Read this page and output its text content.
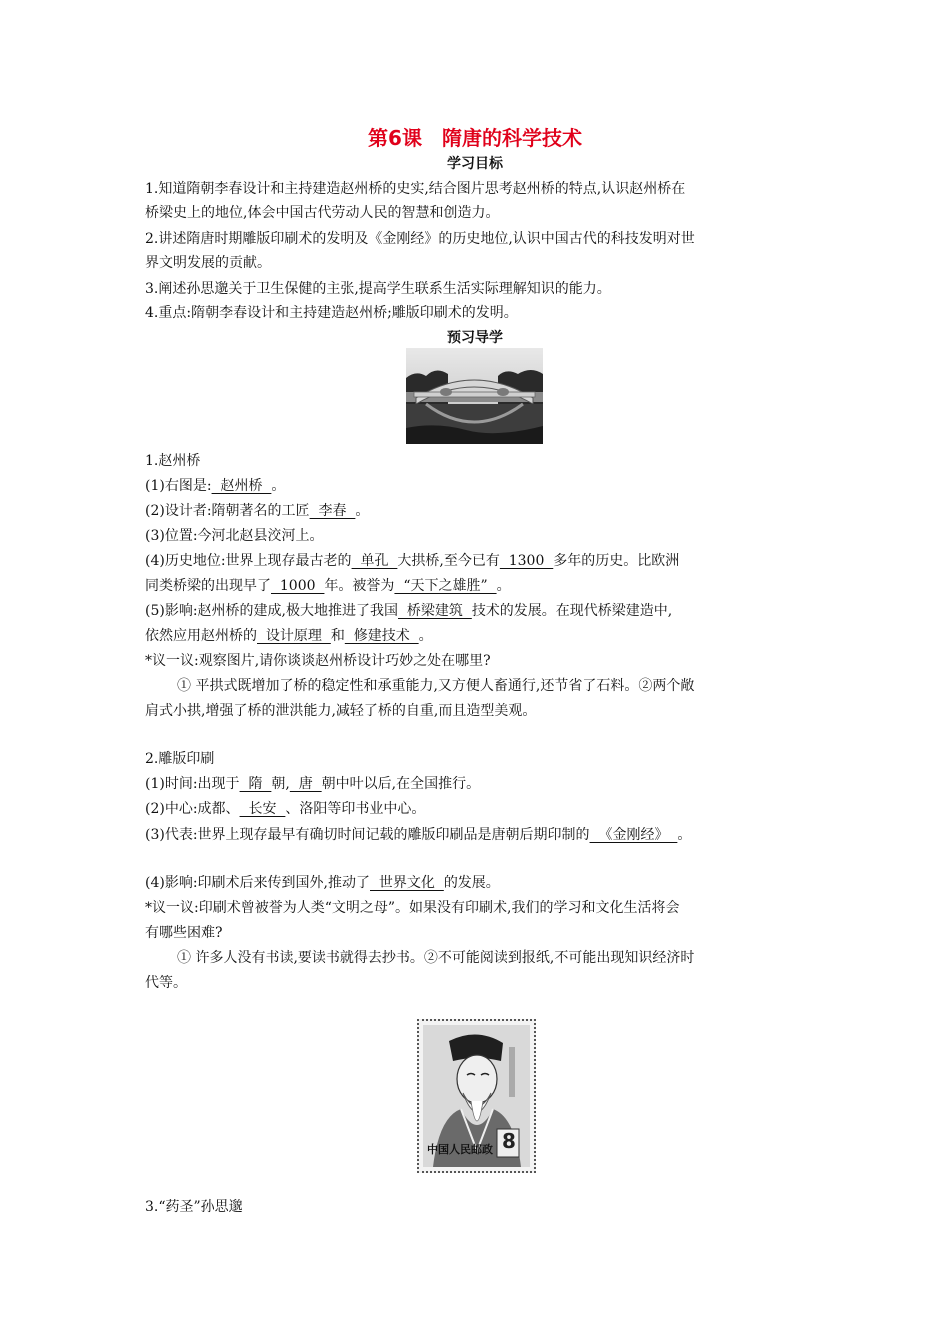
第6课　隋唐的科学技术
学习目标
1.知道隋朝李春设计和主持建造赵州桥的史实,结合图片思考赵州桥的特点,认识赵州桥在
桥梁史上的地位,体会中国古代劳动人民的智慧和创造力。
2.讲述隋唐时期雕版印刷术的发明及《金刚经》的历史地位,认识中国古代的科技发明对世
界文明发展的贡献。
3.阐述孙思邈关于卫生保健的主张,提高学生联系生活实际理解知识的能力。
4.重点:隋朝李春设计和主持建造赵州桥;雕版印刷术的发明。
预习导学
1.赵州桥
(1)右图是:  赵州桥  。
(2)设计者:隋朝著名的工匠  李春  。
(3)位置:今河北赵县洨河上。
(4)历史地位:世界上现存最古老的  单孔  大拱桥,至今已有  1300  多年的历史。比欧洲
同类桥梁的出现早了  1000  年。被誉为  “天下之雄胜”  。
(5)影响:赵州桥的建成,极大地推进了我国  桥梁建筑  技术的发展。在现代桥梁建造中,
依然应用赵州桥的  设计原理  和  修建技术  。
*议一议:观察图片,请你谈谈赵州桥设计巧妙之处在哪里?
① 平拱式既增加了桥的稳定性和承重能力,又方便人畜通行,还节省了石料。②两个敞
肩式小拱,增强了桥的泄洪能力,减轻了桥的自重,而且造型美观。
2.雕版印刷
(1)时间:出现于  隋  朝,  唐  朝中叶以后,在全国推行。
(2)中心:成都、  长安  、洛阳等印书业中心。
(3)代表:世界上现存最早有确切时间记载的雕版印刷品是唐朝后期印制的  《金刚经》  。
(4)影响:印刷术后来传到国外,推动了  世界文化  的发展。
*议一议:印刷术曾被誉为人类“文明之母”。如果没有印刷术,我们的学习和文化生活将会
有哪些困难?
① 许多人没有书读,要读书就得去抄书。②不可能阅读到报纸,不可能出现知识经济时
代等。
8
中国人民邮政
3.“药圣”孙思邈
